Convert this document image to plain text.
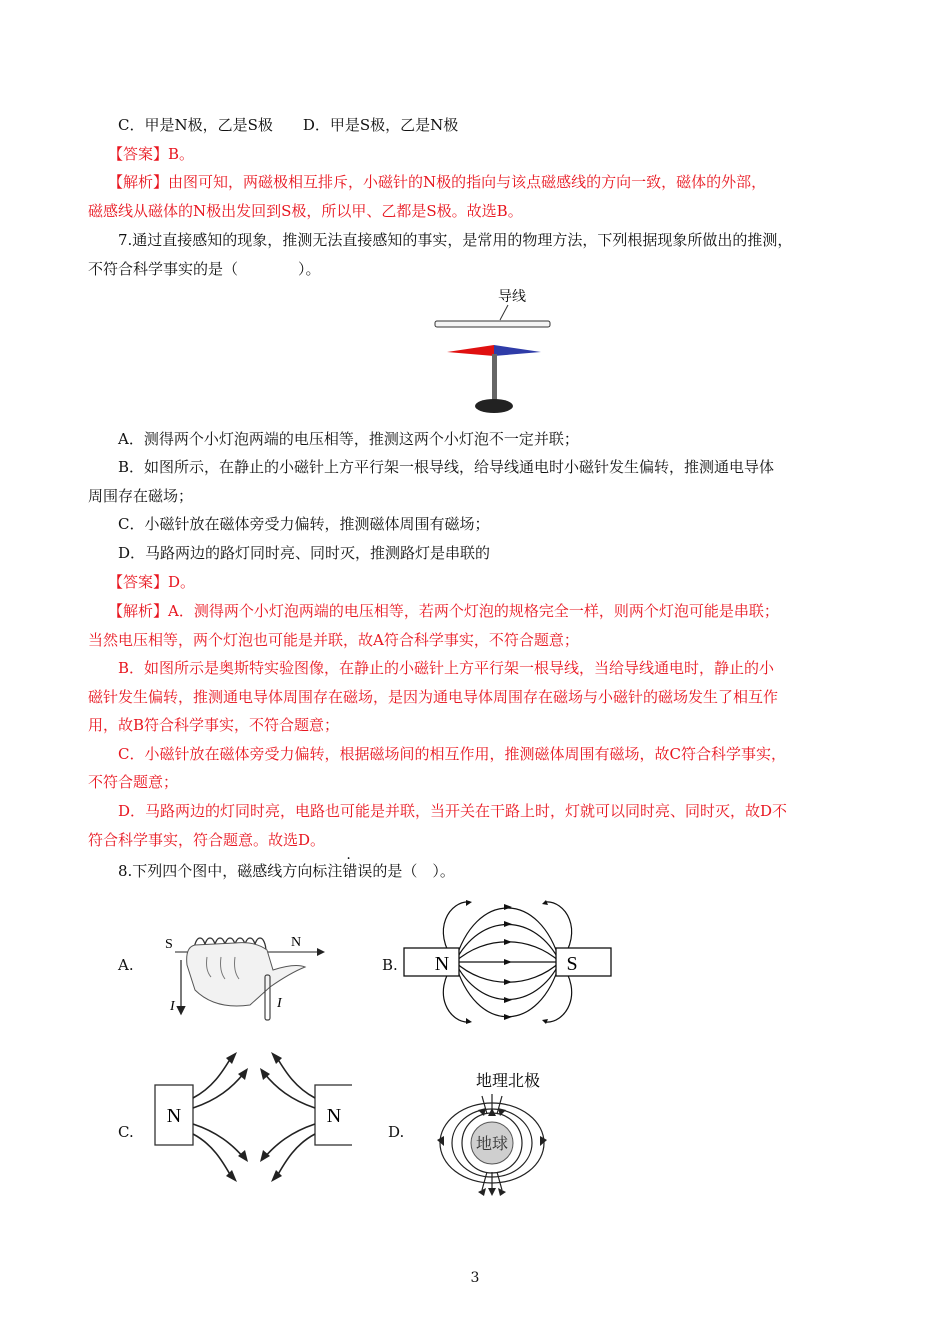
C．甲是N极，乙是S极　　D．甲是S极，乙是N极
【答案】B。
【解析】由图可知，两磁极相互排斥，小磁针的N极的指向与该点磁感线的方向一致，磁体的外部，
磁感线从磁体的N极出发回到S极，所以甲、乙都是S极。故选B。
7.通过直接感知的现象，推测无法直接感知的事实，是常用的物理方法，下列根据现象所做出的推测，
不符合科学事实的是（　　　　）。
导线
A．测得两个小灯泡两端的电压相等，推测这两个小灯泡不一定并联；
B．如图所示，在静止的小磁针上方平行架一根导线，给导线通电时小磁针发生偏转，推测通电导体
周围存在磁场；
C．小磁针放在磁体旁受力偏转，推测磁体周围有磁场；
D．马路两边的路灯同时亮、同时灭，推测路灯是串联的
【答案】D。
【解析】A．测得两个小灯泡两端的电压相等，若两个灯泡的规格完全一样，则两个灯泡可能是串联；
当然电压相等，两个灯泡也可能是并联，故A符合科学事实，不符合题意；
B．如图所示是奥斯特实验图像，在静止的小磁针上方平行架一根导线，当给导线通电时，静止的小
磁针发生偏转，推测通电导体周围存在磁场，是因为通电导体周围存在磁场与小磁针的磁场发生了相互作
用，故B符合科学事实，不符合题意；
C．小磁针放在磁体旁受力偏转，根据磁场间的相互作用，推测磁体周围有磁场，故C符合科学事实，
不符合题意；
D．马路两边的灯同时亮，电路也可能是并联，当开关在干路上时，灯就可以同时亮、同时灭，故D不
符合科学事实，符合题意。故选D。
8.下列四个图中，磁感线方向标注错误的是（　）。
A.
S	N
I	I
B. N	S
C.
N	N
D.
地理北极
地球
3
